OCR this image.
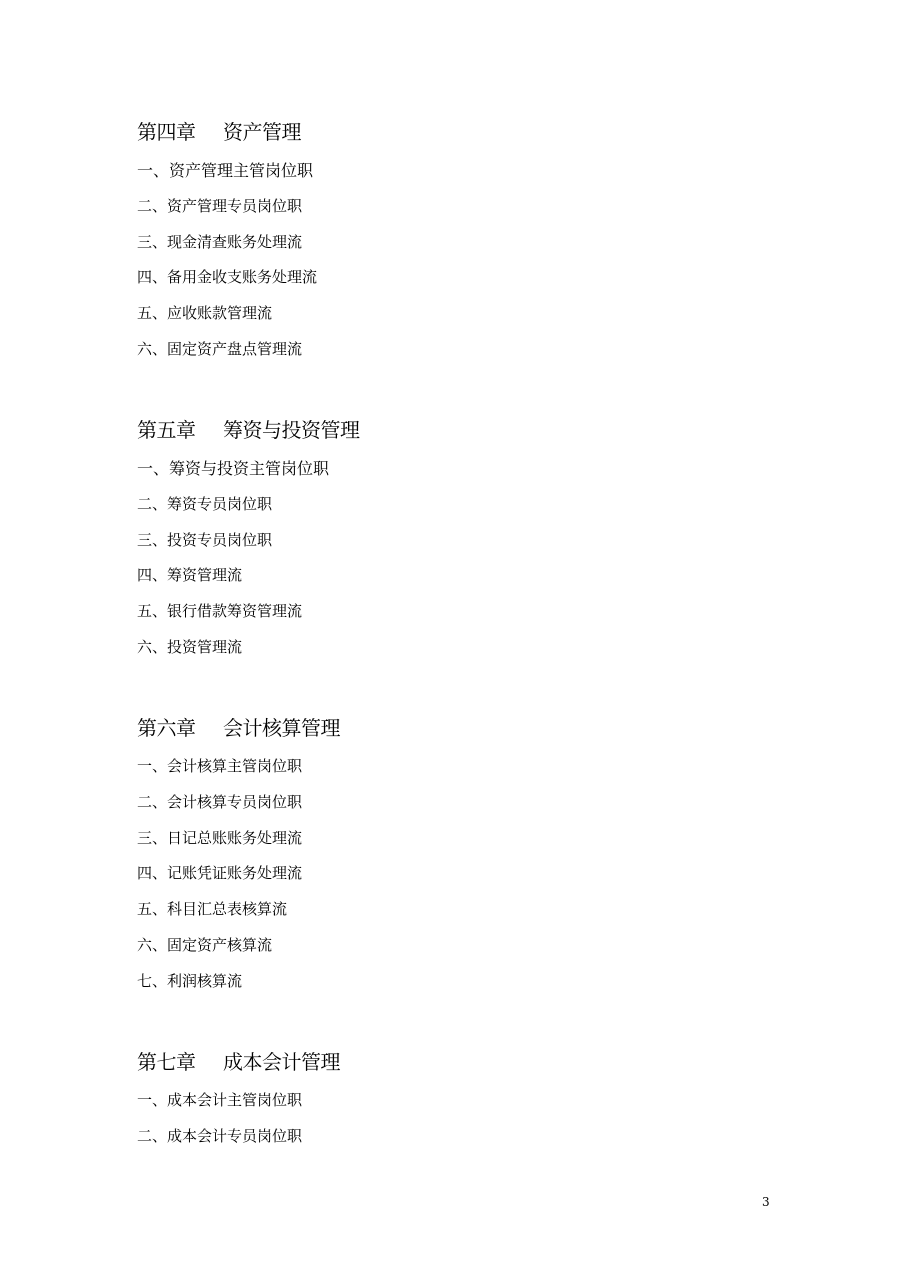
第四章 资产管理
一、资产管理主管岗位职
二、资产管理专员岗位职
三、现金清查账务处理流
四、备用金收支账务处理流
五、应收账款管理流
六、固定资产盘点管理流
第五章 筹资与投资管理
一、筹资与投资主管岗位职
二、筹资专员岗位职
三、投资专员岗位职
四、筹资管理流
五、银行借款筹资管理流
六、投资管理流
第六章 会计核算管理
一、会计核算主管岗位职
二、会计核算专员岗位职
三、日记总账账务处理流
四、记账凭证账务处理流
五、科目汇总表核算流
六、固定资产核算流
七、利润核算流
第七章 成本会计管理
一、成本会计主管岗位职
二、成本会计专员岗位职
3
